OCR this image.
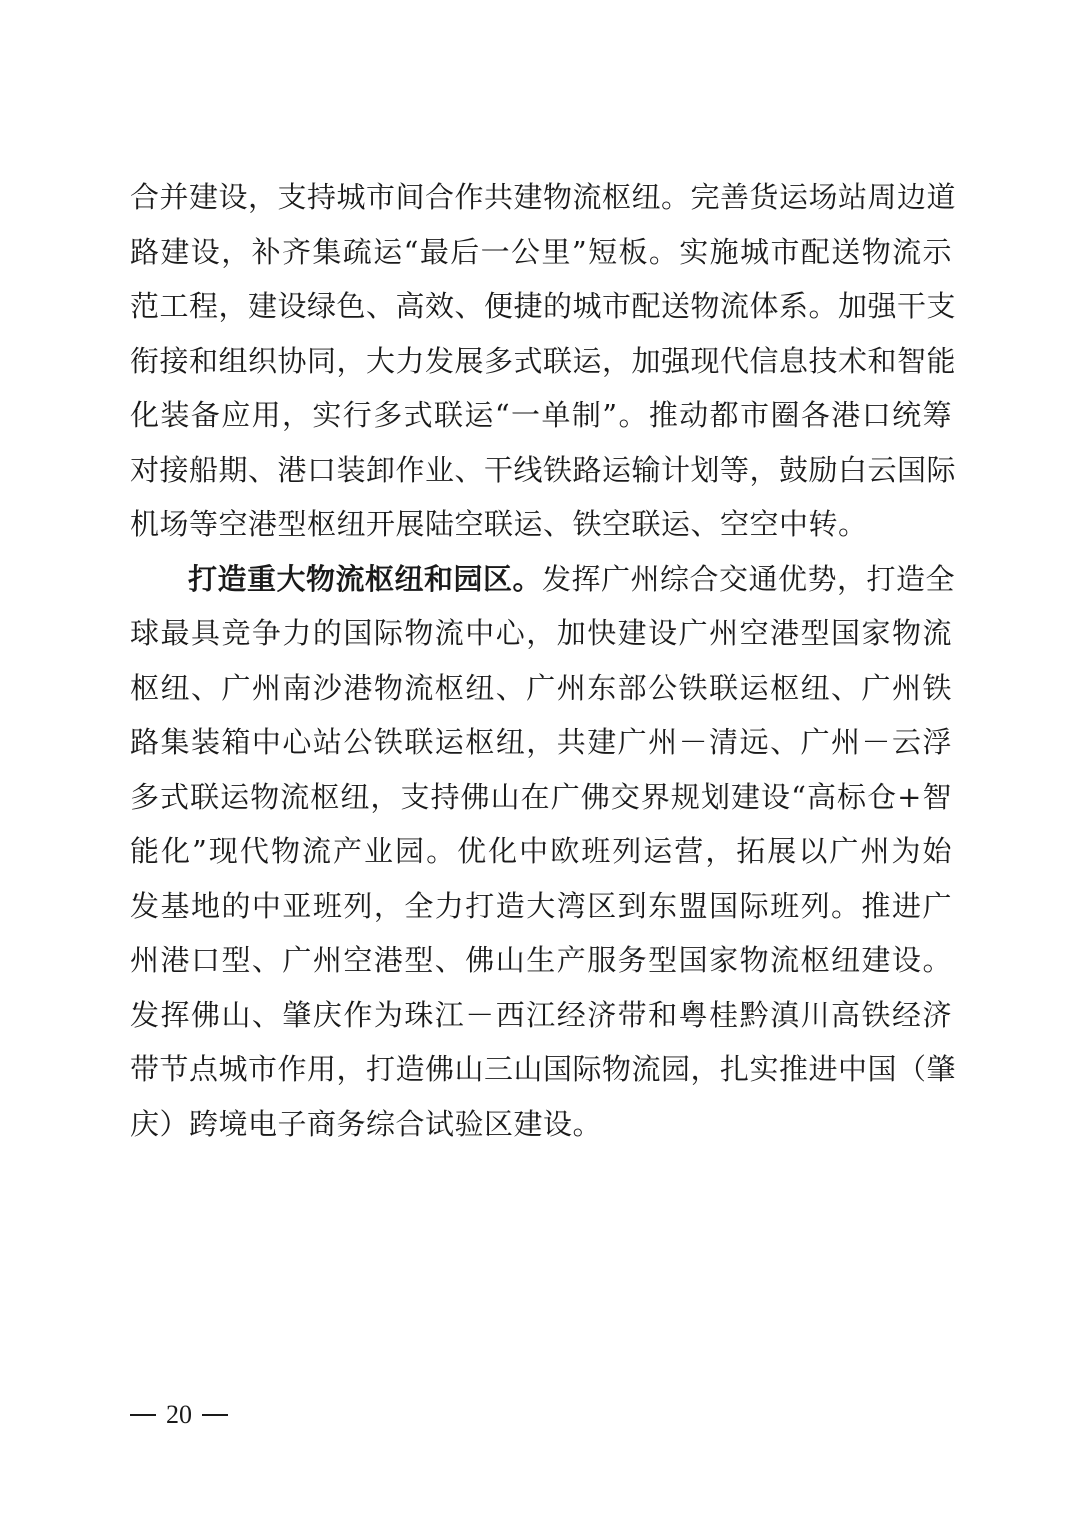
合并建设，支持城市间合作共建物流枢纽。完善货运场站周边道
路建设，补齐集疏运“最后一公里”短板。实施城市配送物流示
范工程，建设绿色、高效、便捷的城市配送物流体系。加强干支
衔接和组织协同，大力发展多式联运，加强现代信息技术和智能
化装备应用，实行多式联运“一单制”。推动都市圈各港口统筹
对接船期、港口装卸作业、干线铁路运输计划等，鼓励白云国际
机场等空港型枢纽开展陆空联运、铁空联运、空空中转。
打造重大物流枢纽和园区。发挥广州综合交通优势，打造全
球最具竞争力的国际物流中心，加快建设广州空港型国家物流
枢纽、广州南沙港物流枢纽、广州东部公铁联运枢纽、广州铁
路集装箱中心站公铁联运枢纽，共建广州－清远、广州－云浮
多式联运物流枢纽，支持佛山在广佛交界规划建设“高标仓+智
能化”现代物流产业园。优化中欧班列运营，拓展以广州为始
发基地的中亚班列，全力打造大湾区到东盟国际班列。推进广
州港口型、广州空港型、佛山生产服务型国家物流枢纽建设。
发挥佛山、肇庆作为珠江－西江经济带和粤桂黔滇川高铁经济
带节点城市作用，打造佛山三山国际物流园，扎实推进中国（肇
庆）跨境电子商务综合试验区建设。
20
